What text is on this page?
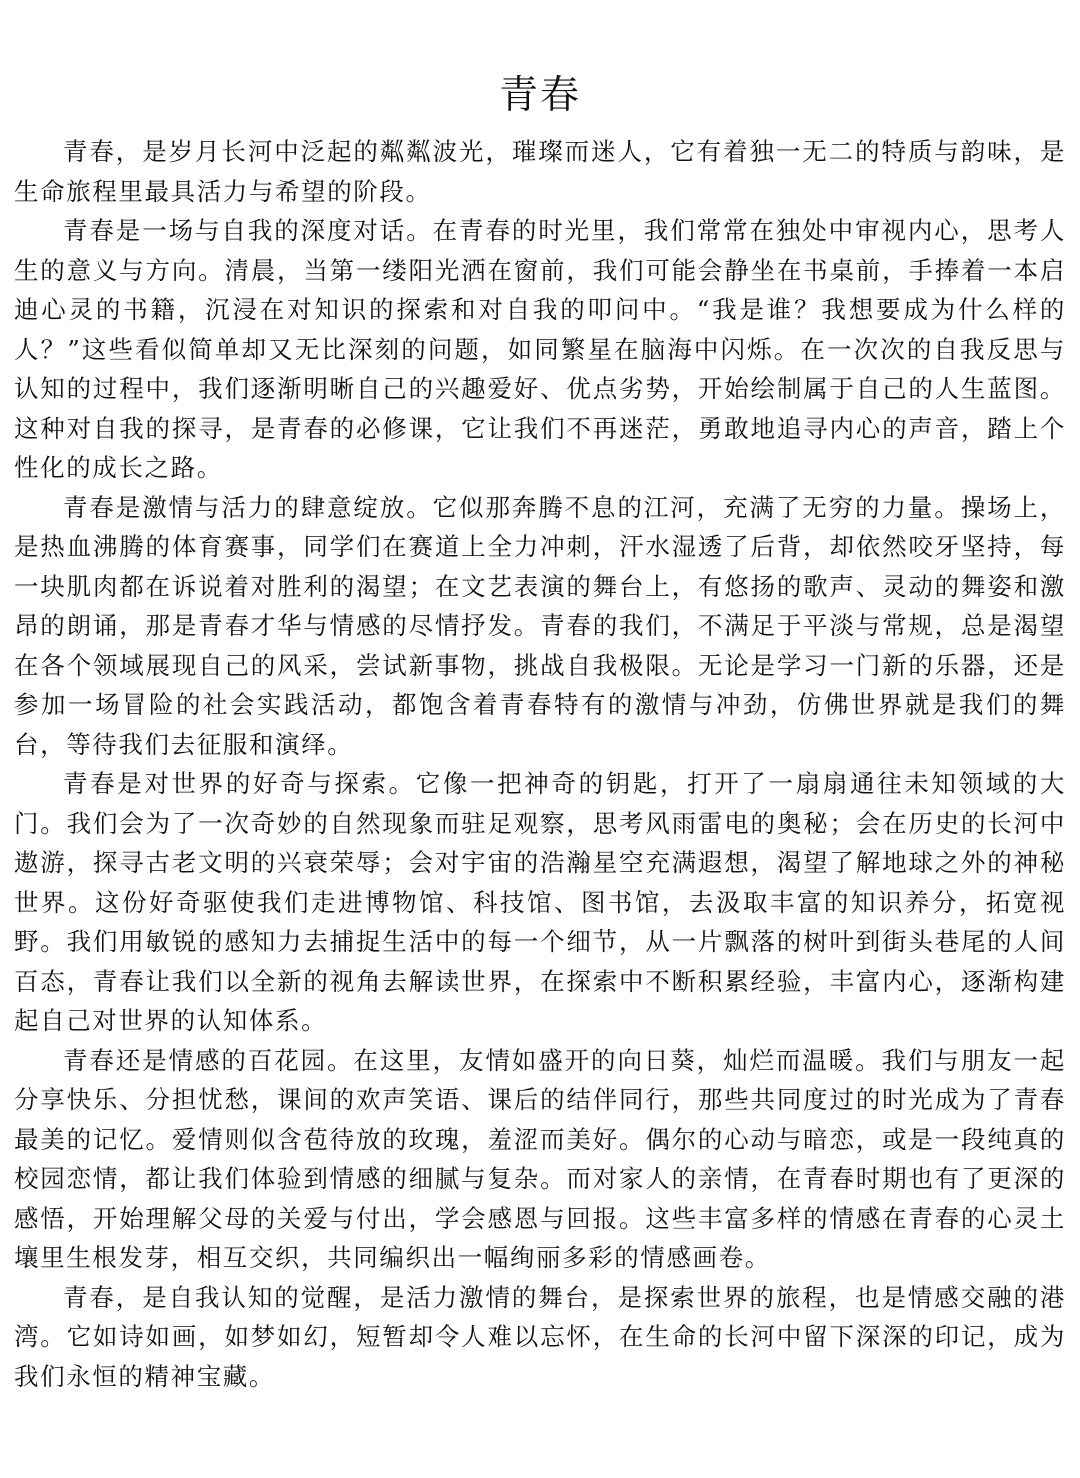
青春

青春，是岁月长河中泛起的粼粼波光，璀璨而迷人，它有着独一无二的特质与韵味，是生命旅程里最具活力与希望的阶段。

青春是一场与自我的深度对话。在青春的时光里，我们常常在独处中审视内心，思考人生的意义与方向。清晨，当第一缕阳光洒在窗前，我们可能会静坐在书桌前，手捧着一本启迪心灵的书籍，沉浸在对知识的探索和对自我的叩问中。“我是谁？我想要成为什么样的人？”这些看似简单却又无比深刻的问题，如同繁星在脑海中闪烁。在一次次的自我反思与认知的过程中，我们逐渐明晰自己的兴趣爱好、优点劣势，开始绘制属于自己的人生蓝图。这种对自我的探寻，是青春的必修课，它让我们不再迷茫，勇敢地追寻内心的声音，踏上个性化的成长之路。

青春是激情与活力的肆意绽放。它似那奔腾不息的江河，充满了无穷的力量。操场上，是热血沸腾的体育赛事，同学们在赛道上全力冲刺，汗水湿透了后背，却依然咬牙坚持，每一块肌肉都在诉说着对胜利的渴望；在文艺表演的舞台上，有悠扬的歌声、灵动的舞姿和激昂的朗诵，那是青春才华与情感的尽情抒发。青春的我们，不满足于平淡与常规，总是渴望在各个领域展现自己的风采，尝试新事物，挑战自我极限。无论是学习一门新的乐器，还是参加一场冒险的社会实践活动，都饱含着青春特有的激情与冲劲，仿佛世界就是我们的舞台，等待我们去征服和演绎。

青春是对世界的好奇与探索。它像一把神奇的钥匙，打开了一扇扇通往未知领域的大门。我们会为了一次奇妙的自然现象而驻足观察，思考风雨雷电的奥秘；会在历史的长河中遨游，探寻古老文明的兴衰荣辱；会对宇宙的浩瀚星空充满遐想，渴望了解地球之外的神秘世界。这份好奇驱使我们走进博物馆、科技馆、图书馆，去汲取丰富的知识养分，拓宽视野。我们用敏锐的感知力去捕捉生活中的每一个细节，从一片飘落的树叶到街头巷尾的人间百态，青春让我们以全新的视角去解读世界，在探索中不断积累经验，丰富内心，逐渐构建起自己对世界的认知体系。

青春还是情感的百花园。在这里，友情如盛开的向日葵，灿烂而温暖。我们与朋友一起分享快乐、分担忧愁，课间的欢声笑语、课后的结伴同行，那些共同度过的时光成为了青春最美的记忆。爱情则似含苞待放的玫瑰，羞涩而美好。偶尔的心动与暗恋，或是一段纯真的校园恋情，都让我们体验到情感的细腻与复杂。而对家人的亲情，在青春时期也有了更深的感悟，开始理解父母的关爱与付出，学会感恩与回报。这些丰富多样的情感在青春的心灵土壤里生根发芽，相互交织，共同编织出一幅绚丽多彩的情感画卷。

青春，是自我认知的觉醒，是活力激情的舞台，是探索世界的旅程，也是情感交融的港湾。它如诗如画，如梦如幻，短暂却令人难以忘怀，在生命的长河中留下深深的印记，成为我们永恒的精神宝藏。
